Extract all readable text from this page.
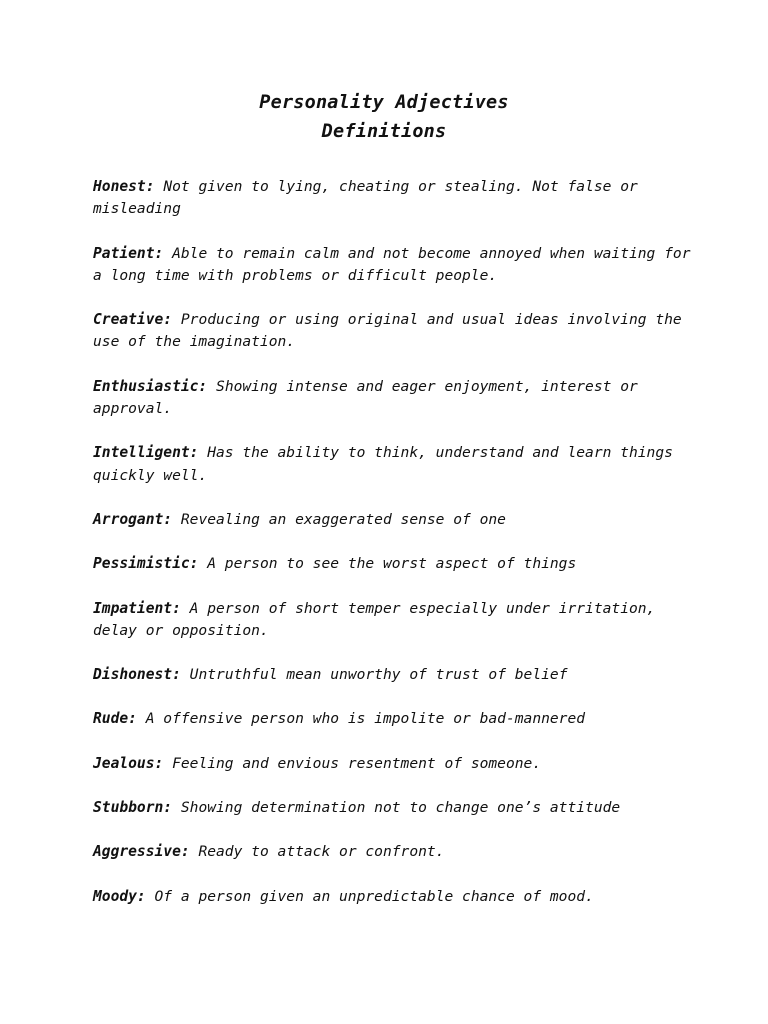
Personality Adjectives
Definitions
Honest: Not given to lying, cheating or stealing. Not false or misleading
Patient: Able to remain calm and not become annoyed when waiting for a long time with problems or difficult people.
Creative: Producing or using original and usual ideas involving the use of the imagination.
Enthusiastic: Showing intense and eager enjoyment, interest or approval.
Intelligent: Has the ability to think, understand and learn things quickly well.
Arrogant: Revealing an exaggerated sense of one
Pessimistic: A person to see the worst aspect of things
Impatient: A person of short temper especially under irritation, delay or opposition.
Dishonest: Untruthful mean unworthy of trust of belief
Rude: A offensive person who is impolite or bad-mannered
Jealous: Feeling and envious resentment of someone.
Stubborn: Showing determination not to change one’s attitude
Aggressive: Ready to attack or confront.
Moody: Of a person given an unpredictable chance of mood.
